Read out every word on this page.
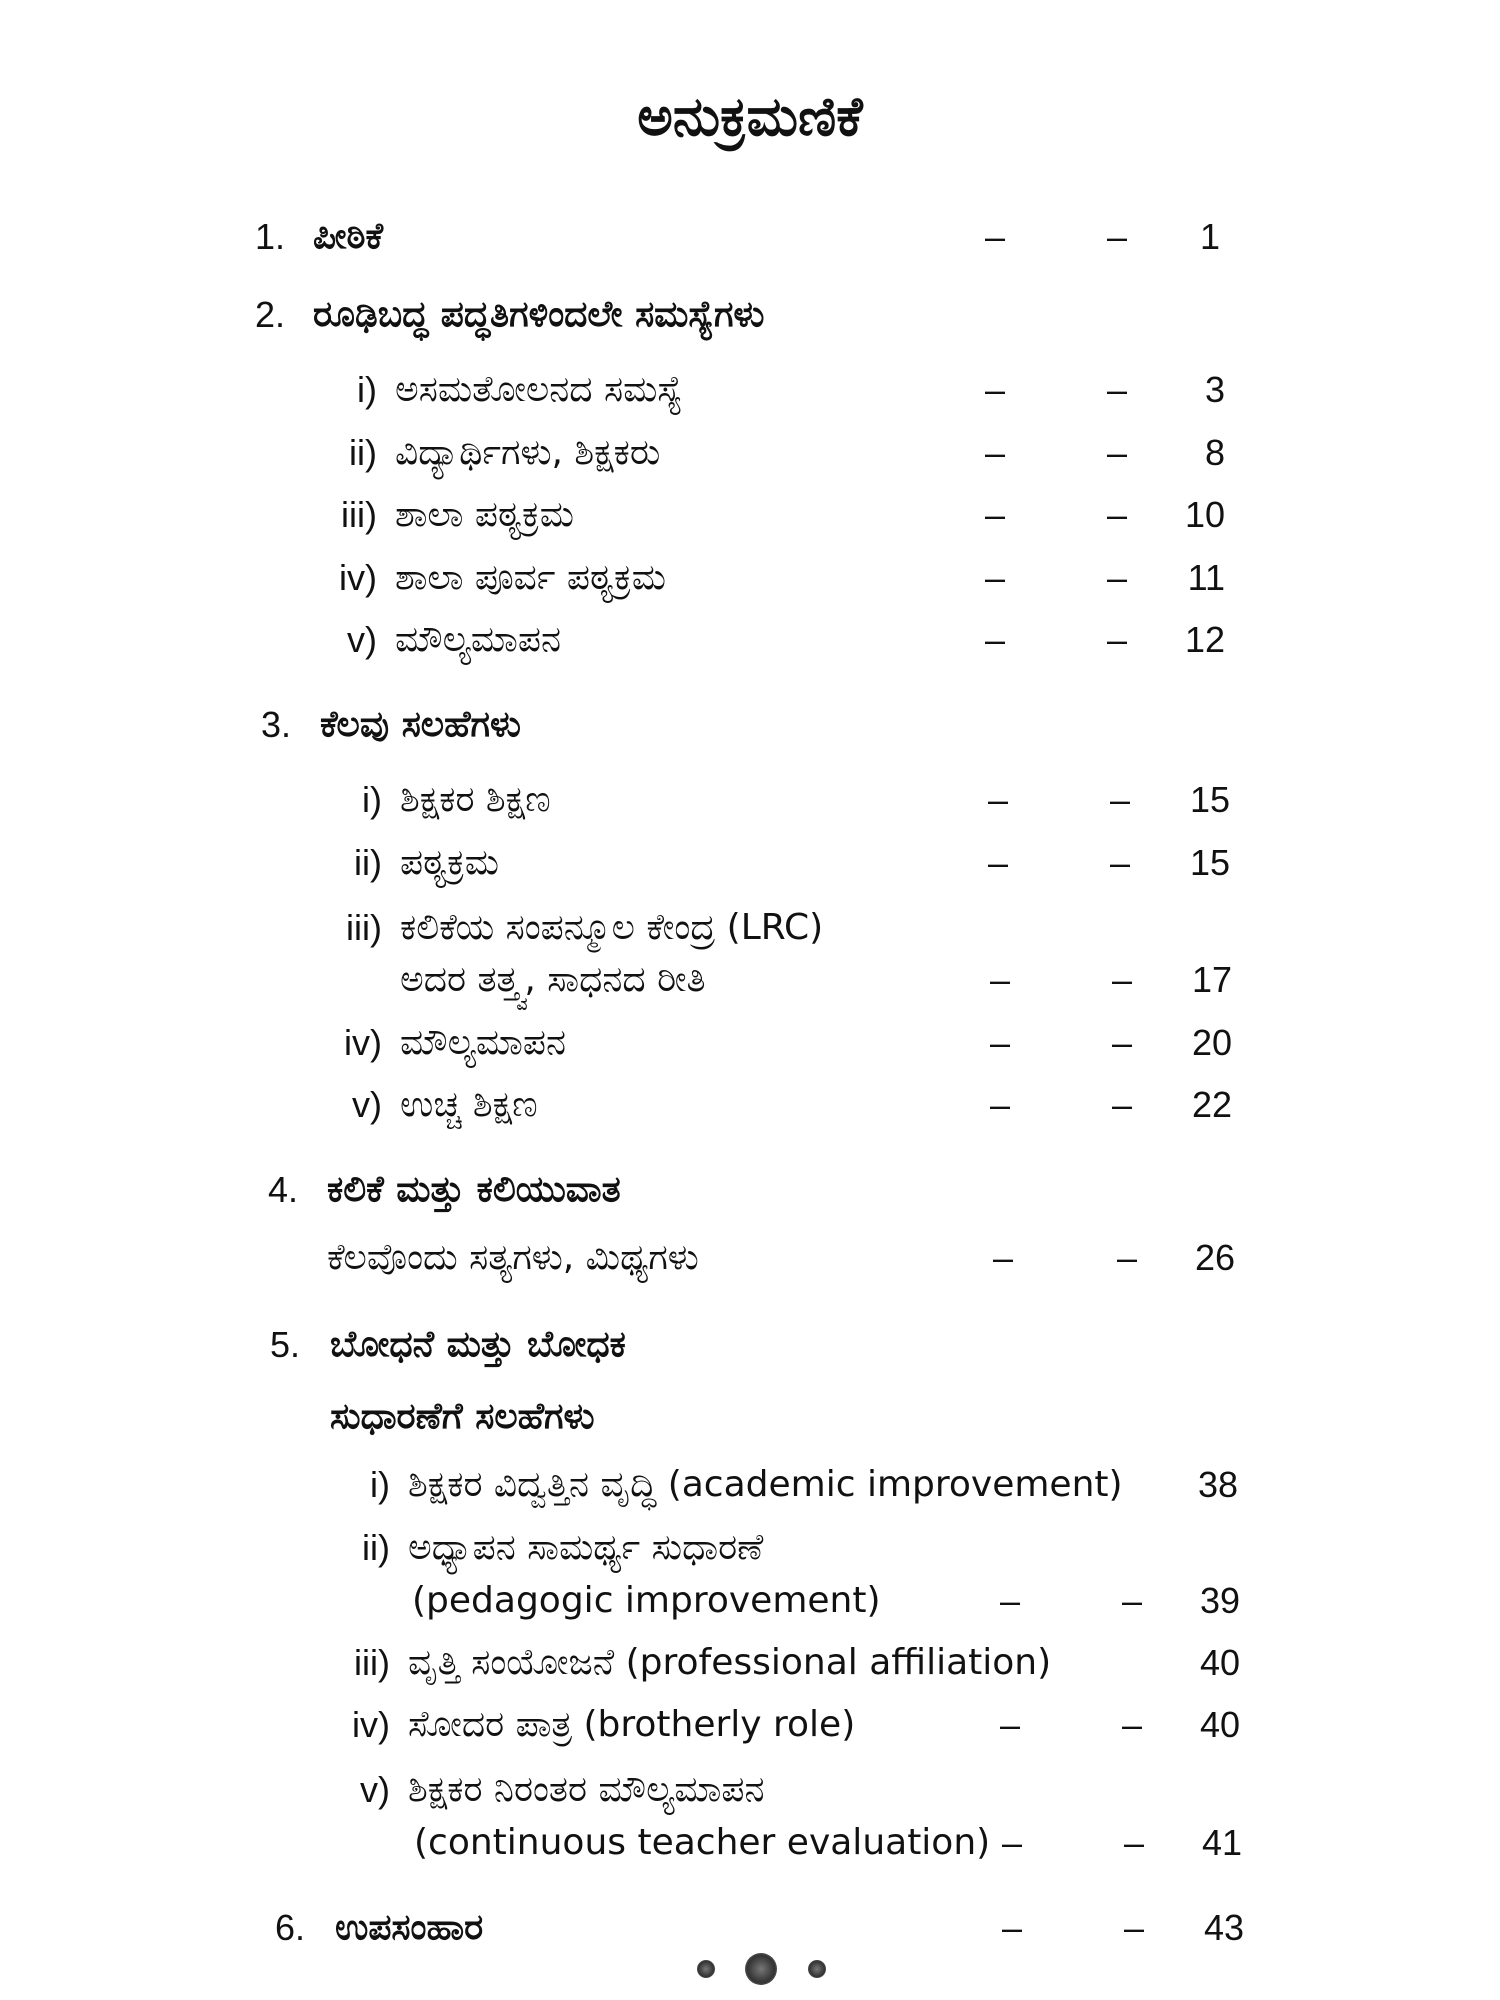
ಅನುಕ್ರಮಣಿಕೆ
1. ಪೀಠಿಕೆ	–	–	1
2. ರೂಢಿಬದ್ಧ ಪದ್ಧತಿಗಳಿಂದಲೇ ಸಮಸ್ಯೆಗಳು
i) ಅಸಮತೋಲನದ ಸಮಸ್ಯೆ	–	–	3
ii) ವಿದ್ಯಾರ್ಥಿಗಳು, ಶಿಕ್ಷಕರು	–	–	8
iii) ಶಾಲಾ ಪಠ್ಯಕ್ರಮ	–	–	10
iv) ಶಾಲಾ ಪೂರ್ವ ಪಠ್ಯಕ್ರಮ	–	–	11
v) ಮೌಲ್ಯಮಾಪನ	–	–	12
3. ಕೆಲವು ಸಲಹೆಗಳು
i) ಶಿಕ್ಷಕರ ಶಿಕ್ಷಣ	–	–	15
ii) ಪಠ್ಯಕ್ರಮ	–	–	15
iii) ಕಲಿಕೆಯ ಸಂಪನ್ಮೂಲ ಕೇಂದ್ರ (LRC)
ಅದರ ತತ್ತ್ವ, ಸಾಧನದ ರೀತಿ	–	–	17
iv) ಮೌಲ್ಯಮಾಪನ	–	–	20
v) ಉಚ್ಚ ಶಿಕ್ಷಣ	–	–	22
4. ಕಲಿಕೆ ಮತ್ತು ಕಲಿಯುವಾತ
ಕೆಲವೊಂದು ಸತ್ಯಗಳು, ಮಿಥ್ಯಗಳು	–	–	26
5. ಬೋಧನೆ ಮತ್ತು ಬೋಧಕ
ಸುಧಾರಣೆಗೆ ಸಲಹೆಗಳು
i) ಶಿಕ್ಷಕರ ವಿದ್ವತ್ತಿನ ವೃದ್ಧಿ (academic improvement)	38
ii) ಅಧ್ಯಾಪನ ಸಾಮರ್ಥ್ಯ ಸುಧಾರಣೆ
(pedagogic improvement)	–	–	39
iii) ವೃತ್ತಿ ಸಂಯೋಜನೆ (professional affiliation)	40
iv) ಸೋದರ ಪಾತ್ರ (brotherly role)	–	–	40
v) ಶಿಕ್ಷಕರ ನಿರಂತರ ಮೌಲ್ಯಮಾಪನ
(continuous teacher evaluation) –	–	41
6. ಉಪಸಂಹಾರ	–	–	43
